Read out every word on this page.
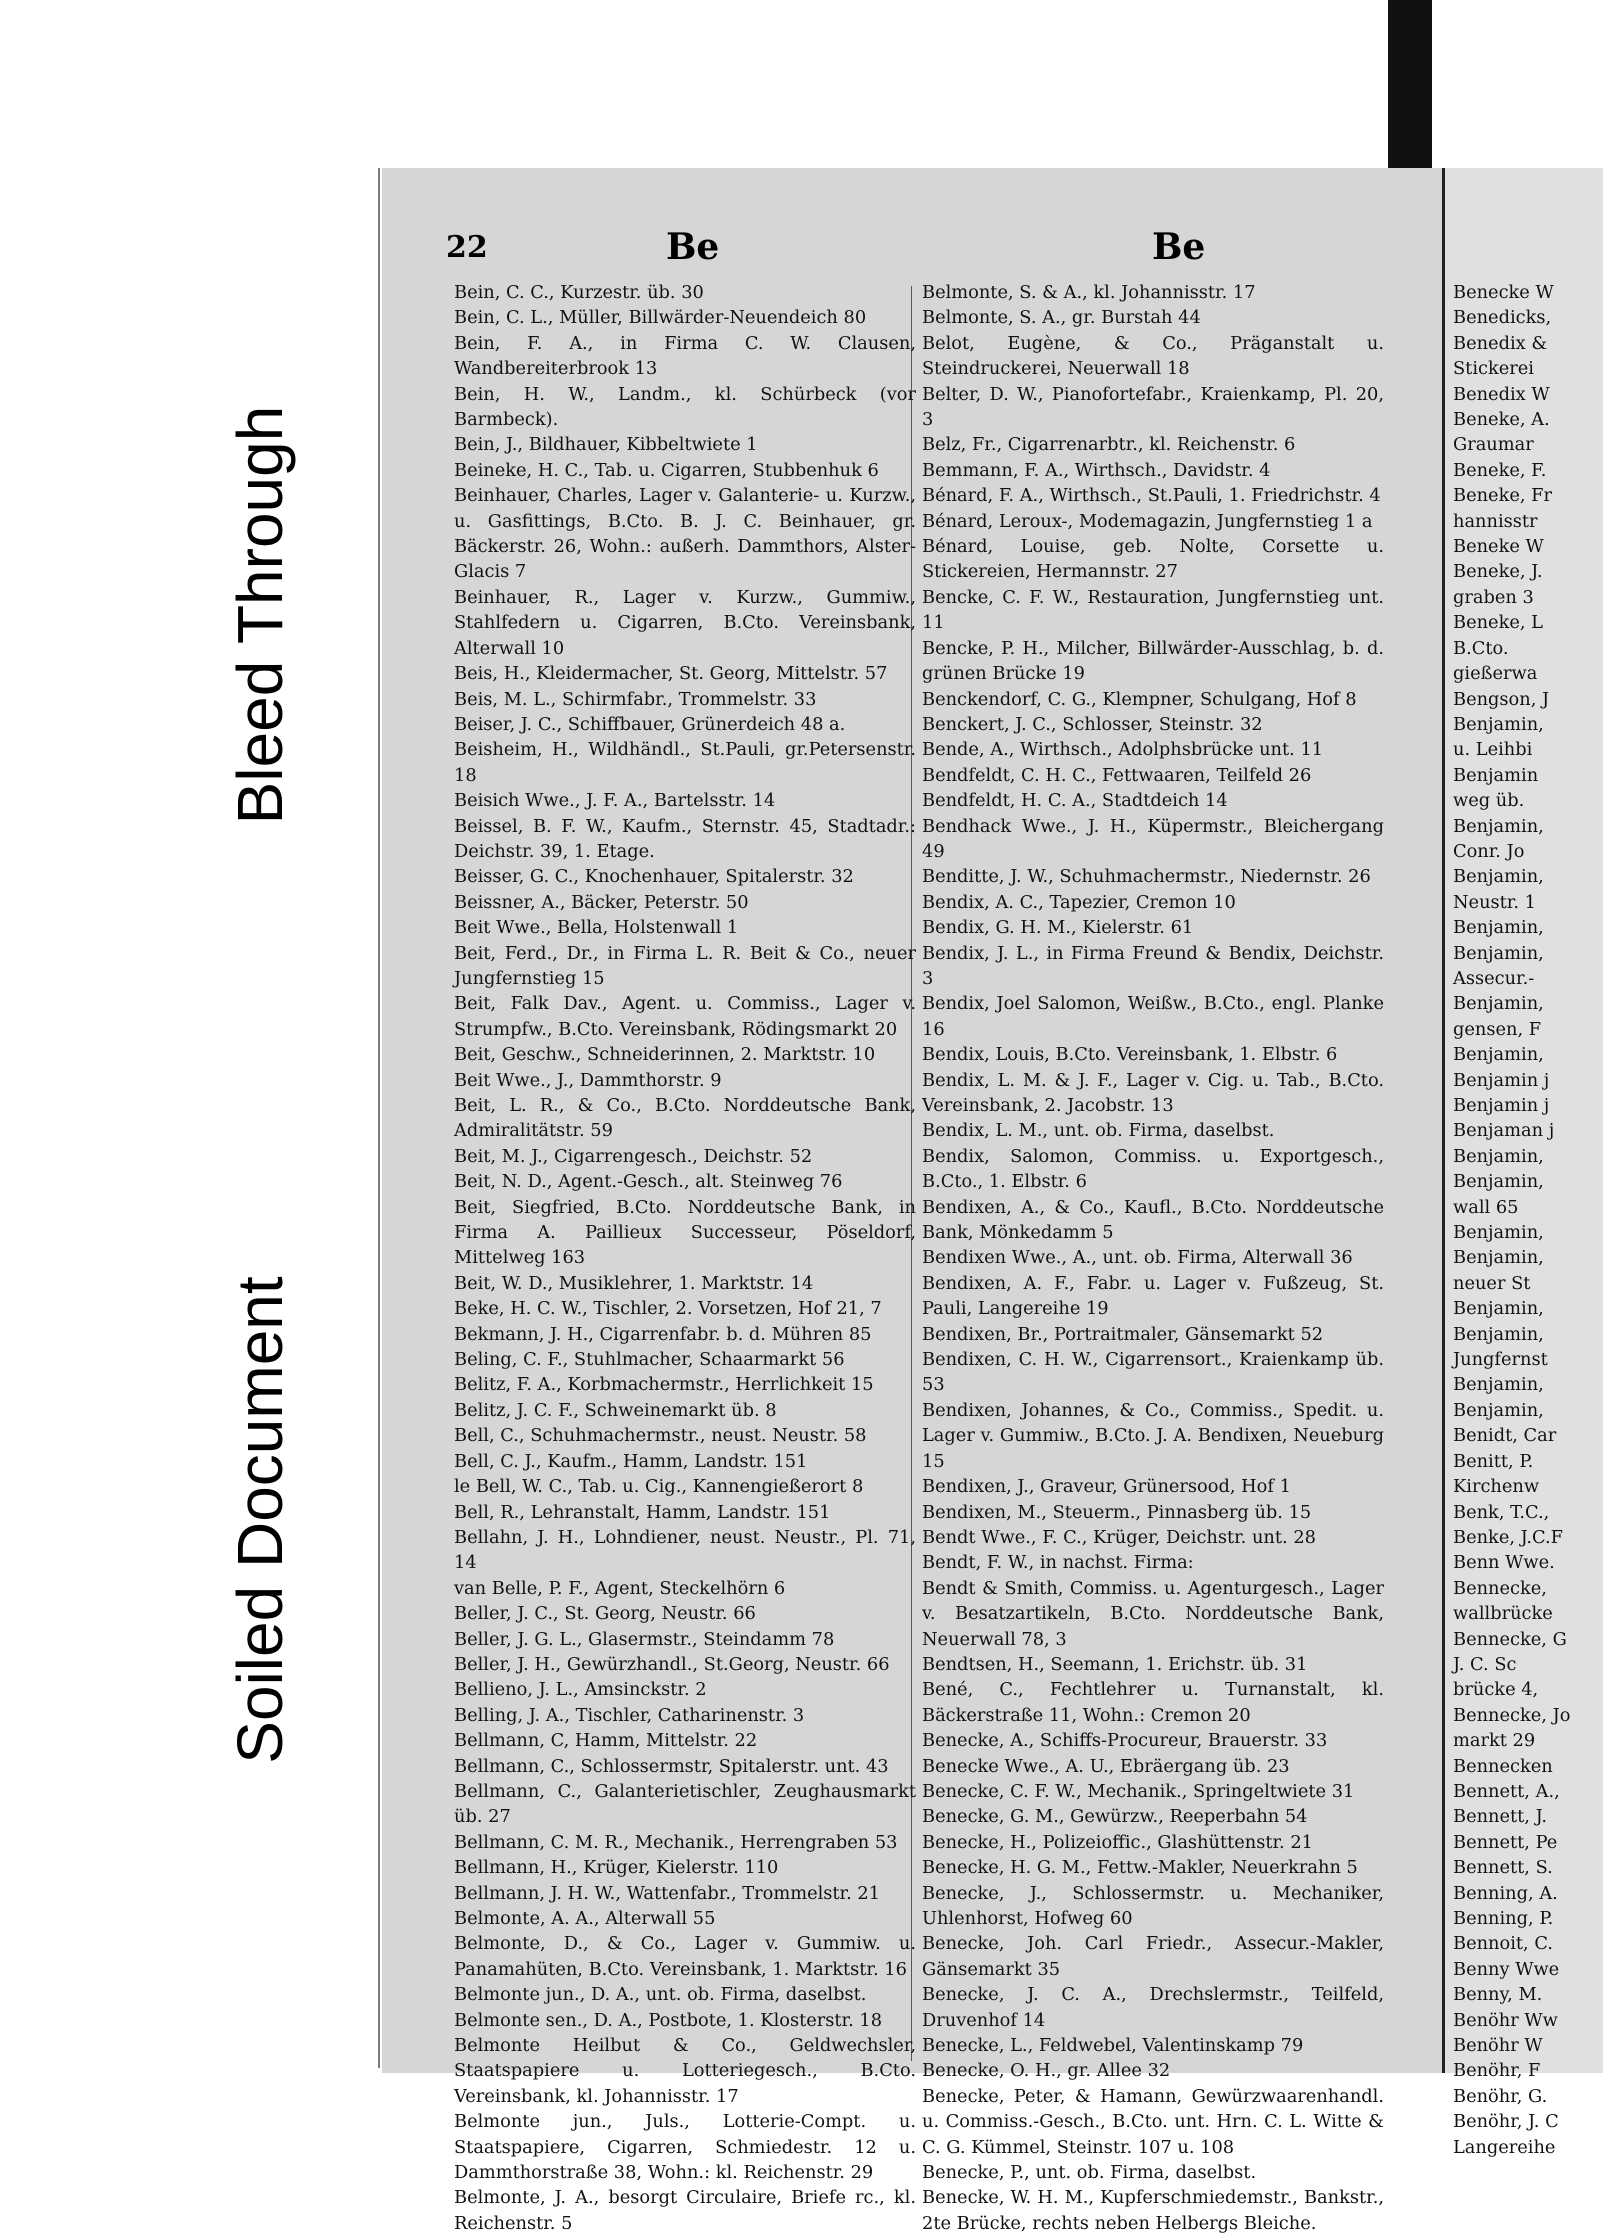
Bleed Through
Soiled Document
22	Be	Be
Bein, C. C., Kurzestr. üb. 30
Bein, C. L., Müller, Billwärder-Neuendeich 80
Bein, F. A., in Firma C. W. Clausen, Wandbereiterbrook 13
Bein, H. W., Landm., kl. Schürbeck (vor Barmbeck).
Bein, J., Bildhauer, Kibbeltwiete 1
Beineke, H. C., Tab. u. Cigarren, Stubbenhuk 6
Beinhauer, Charles, Lager v. Galanterie- u. Kurzw., u. Gasfittings, B.Cto. B. J. C. Beinhauer, gr. Bäckerstr. 26, Wohn.: außerh. Dammthors, Alster-Glacis 7
Beinhauer, R., Lager v. Kurzw., Gummiw., Stahlfedern u. Cigarren, B.Cto. Vereinsbank, Alterwall 10
Beis, H., Kleidermacher, St. Georg, Mittelstr. 57
Beis, M. L., Schirmfabr., Trommelstr. 33
Beiser, J. C., Schiffbauer, Grünerdeich 48 a.
Beisheim, H., Wildhändl., St.Pauli, gr.Petersenstr. 18
Beisich Wwe., J. F. A., Bartelsstr. 14
Beissel, B. F. W., Kaufm., Sternstr. 45, Stadtadr.: Deichstr. 39, 1. Etage.
Beisser, G. C., Knochenhauer, Spitalerstr. 32
Beissner, A., Bäcker, Peterstr. 50
Beit Wwe., Bella, Holstenwall 1
Beit, Ferd., Dr., in Firma L. R. Beit & Co., neuer Jungfernstieg 15
Beit, Falk Dav., Agent. u. Commiss., Lager v. Strumpfw., B.Cto. Vereinsbank, Rödingsmarkt 20
Beit, Geschw., Schneiderinnen, 2. Marktstr. 10
Beit Wwe., J., Dammthorstr. 9
Beit, L. R., & Co., B.Cto. Norddeutsche Bank, Admiralitätstr. 59
Beit, M. J., Cigarrengesch., Deichstr. 52
Beit, N. D., Agent.-Gesch., alt. Steinweg 76
Beit, Siegfried, B.Cto. Norddeutsche Bank, in Firma A. Paillieux Successeur, Pöseldorf, Mittelweg 163
Beit, W. D., Musiklehrer, 1. Marktstr. 14
Beke, H. C. W., Tischler, 2. Vorsetzen, Hof 21, 7
Bekmann, J. H., Cigarrenfabr. b. d. Mühren 85
Beling, C. F., Stuhlmacher, Schaarmarkt 56
Belitz, F. A., Korbmachermstr., Herrlichkeit 15
Belitz, J. C. F., Schweinemarkt üb. 8
Bell, C., Schuhmachermstr., neust. Neustr. 58
Bell, C. J., Kaufm., Hamm, Landstr. 151
le Bell, W. C., Tab. u. Cig., Kannengießerort 8
Bell, R., Lehranstalt, Hamm, Landstr. 151
Bellahn, J. H., Lohndiener, neust. Neustr., Pl. 71, 14
van Belle, P. F., Agent, Steckelhörn 6
Beller, J. C., St. Georg, Neustr. 66
Beller, J. G. L., Glasermstr., Steindamm 78
Beller, J. H., Gewürzhandl., St.Georg, Neustr. 66
Bellieno, J. L., Amsinckstr. 2
Belling, J. A., Tischler, Catharinenstr. 3
Bellmann, C, Hamm, Mittelstr. 22
Bellmann, C., Schlossermstr, Spitalerstr. unt. 43
Bellmann, C., Galanterietischler, Zeughausmarkt üb. 27
Bellmann, C. M. R., Mechanik., Herrengraben 53
Bellmann, H., Krüger, Kielerstr. 110
Bellmann, J. H. W., Wattenfabr., Trommelstr. 21
Belmonte, A. A., Alterwall 55
Belmonte, D., & Co., Lager v. Gummiw. u. Panamahüten, B.Cto. Vereinsbank, 1. Marktstr. 16
Belmonte jun., D. A., unt. ob. Firma, daselbst.
Belmonte sen., D. A., Postbote, 1. Klosterstr. 18
Belmonte Heilbut & Co., Geldwechsler, Staatspapiere u. Lotteriegesch., B.Cto. Vereinsbank, kl. Johannisstr. 17
Belmonte jun., Juls., Lotterie-Compt. u. Staatspapiere, Cigarren, Schmiedestr. 12 u. Dammthorstraße 38, Wohn.: kl. Reichenstr. 29
Belmonte, J. A., besorgt Circulaire, Briefe rc., kl. Reichenstr. 5
Belmonte, S. & A., kl. Johannisstr. 17
Belmonte, S. A., gr. Burstah 44
Belot, Eugène, & Co., Präganstalt u. Steindruckerei, Neuerwall 18
Belter, D. W., Pianofortefabr., Kraienkamp, Pl. 20, 3
Belz, Fr., Cigarrenarbtr., kl. Reichenstr. 6
Bemmann, F. A., Wirthsch., Davidstr. 4
Bénard, F. A., Wirthsch., St.Pauli, 1. Friedrichstr. 4
Bénard, Leroux-, Modemagazin, Jungfernstieg 1 a
Bénard, Louise, geb. Nolte, Corsette u. Stickereien, Hermannstr. 27
Bencke, C. F. W., Restauration, Jungfernstieg unt. 11
Bencke, P. H., Milcher, Billwärder-Ausschlag, b. d. grünen Brücke 19
Benckendorf, C. G., Klempner, Schulgang, Hof 8
Benckert, J. C., Schlosser, Steinstr. 32
Bende, A., Wirthsch., Adolphsbrücke unt. 11
Bendfeldt, C. H. C., Fettwaaren, Teilfeld 26
Bendfeldt, H. C. A., Stadtdeich 14
Bendhack Wwe., J. H., Küpermstr., Bleichergang 49
Benditte, J. W., Schuhmachermstr., Niedernstr. 26
Bendix, A. C., Tapezier, Cremon 10
Bendix, G. H. M., Kielerstr. 61
Bendix, J. L., in Firma Freund & Bendix, Deichstr. 3
Bendix, Joel Salomon, Weißw., B.Cto., engl. Planke 16
Bendix, Louis, B.Cto. Vereinsbank, 1. Elbstr. 6
Bendix, L. M. & J. F., Lager v. Cig. u. Tab., B.Cto. Vereinsbank, 2. Jacobstr. 13
Bendix, L. M., unt. ob. Firma, daselbst.
Bendix, Salomon, Commiss. u. Exportgesch., B.Cto., 1. Elbstr. 6
Bendixen, A., & Co., Kaufl., B.Cto. Norddeutsche Bank, Mönkedamm 5
Bendixen Wwe., A., unt. ob. Firma, Alterwall 36
Bendixen, A. F., Fabr. u. Lager v. Fußzeug, St. Pauli, Langereihe 19
Bendixen, Br., Portraitmaler, Gänsemarkt 52
Bendixen, C. H. W., Cigarrensort., Kraienkamp üb. 53
Bendixen, Johannes, & Co., Commiss., Spedit. u. Lager v. Gummiw., B.Cto. J. A. Bendixen, Neueburg 15
Bendixen, J., Graveur, Grünersood, Hof 1
Bendixen, M., Steuerm., Pinnasberg üb. 15
Bendt Wwe., F. C., Krüger, Deichstr. unt. 28
Bendt, F. W., in nachst. Firma:
Bendt & Smith, Commiss. u. Agenturgesch., Lager v. Besatzartikeln, B.Cto. Norddeutsche Bank, Neuerwall 78, 3
Bendtsen, H., Seemann, 1. Erichstr. üb. 31
Bené, C., Fechtlehrer u. Turnanstalt, kl. Bäckerstraße 11, Wohn.: Cremon 20
Benecke, A., Schiffs-Procureur, Brauerstr. 33
Benecke Wwe., A. U., Ebräergang üb. 23
Benecke, C. F. W., Mechanik., Springeltwiete 31
Benecke, G. M., Gewürzw., Reeperbahn 54
Benecke, H., Polizeioffic., Glashüttenstr. 21
Benecke, H. G. M., Fettw.-Makler, Neuerkrahn 5
Benecke, J., Schlossermstr. u. Mechaniker, Uhlenhorst, Hofweg 60
Benecke, Joh. Carl Friedr., Assecur.-Makler, Gänsemarkt 35
Benecke, J. C. A., Drechslermstr., Teilfeld, Druvenhof 14
Benecke, L., Feldwebel, Valentinskamp 79
Benecke, O. H., gr. Allee 32
Benecke, Peter, & Hamann, Gewürzwaarenhandl. u. Commiss.-Gesch., B.Cto. unt. Hrn. C. L. Witte & C. G. Kümmel, Steinstr. 107 u. 108
Benecke, P., unt. ob. Firma, daselbst.
Benecke, W. H. M., Kupferschmiedemstr., Bankstr., 2te Brücke, rechts neben Helbergs Bleiche.
Benecke W
Benedicks,
Benedix &
Stickerei
Benedix W
Beneke, A.
Graumar
Beneke, F.
Beneke, Fr
hannisstr
Beneke W
Beneke, J.
graben 3
Beneke, L
B.Cto.
gießerwa
Bengson, J
Benjamin,
u. Leihbi
Benjamin
weg üb.
Benjamin,
Conr. Jo
Benjamin,
Neustr. 1
Benjamin,
Benjamin,
Assecur.-
Benjamin,
gensen, F
Benjamin,
Benjamin j
Benjamin j
Benjaman j
Benjamin,
Benjamin,
wall 65
Benjamin,
Benjamin,
neuer St
Benjamin,
Benjamin,
Jungfernst
Benjamin,
Benjamin,
Benidt, Car
Benitt, P.
Kirchenw
Benk, T.C.,
Benke, J.C.F
Benn Wwe.
Bennecke,
wallbrücke
Bennecke, G
J. C. Sc
brücke 4,
Bennecke, Jo
markt 29
Bennecken
Bennett, A.,
Bennett, J.
Bennett, Pe
Bennett, S.
Benning, A.
Benning, P.
Bennoit, C.
Benny Wwe
Benny, M.
Benöhr Ww
Benöhr W
Benöhr, F
Benöhr, G.
Benöhr, J. C
Langereihe
